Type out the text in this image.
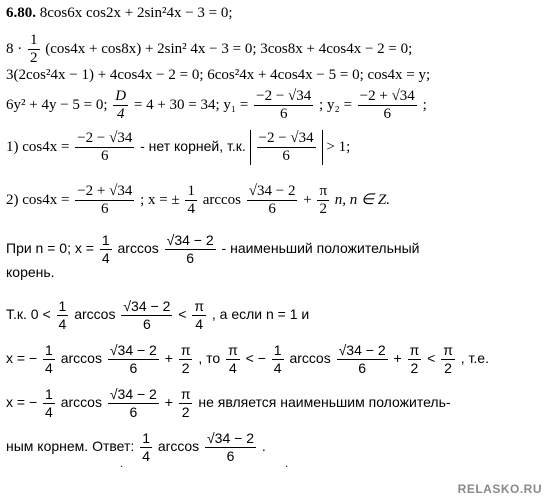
6.80. 8cos6x cos2x + 2sin²4x − 3 = 0;
$8 \cdot \frac{1}{2} (\cos 4x + \cos 8x) + 2\sin^2$ 4x − 3 = 0; 3cos8x + 4cos4x − 2 = 0;
3(2cos²4x − 1) + 4cos4x − 2 = 0; 6cos²4x + 4cos4x − 5 = 0; cos4x = y;
6y² + 4y − 5 = 0; $\frac{D}{4} = 4 + 30 = 34$; $y_1 = \frac{-2 - √34}{6}$ ; $y_2 = \frac{-2 + √34}{6}$ ;
1) $\cos 4x = \frac{-2 - √34}{6}$ - нет корней, т.к. $\frac{-2 - √34}{6} > 1$;
2) $\cos 4x = \frac{-2 + √34}{6}$ ; x = ± $\frac{1}{4}$ $\arccos \frac{√34 - 2}{6} + \frac{\pi}{2} n$, n ∈ Z.
При n = 0; $x = \frac{1}{4}$ $\arccos \frac{√34 - 2}{6}$ - наименьший положительный
корень.
Т.к. $0 < \frac{1}{4}$ $\arccos \frac{√34 - 2}{6} < \frac{\pi}{4}$ , а если n = 1 и
x = − $\frac{1}{4}$ $\arccos \frac{√34 - 2}{6} + \frac{\pi}{2}$ , то $\frac{\pi}{4}$ < − $\frac{1}{4}$ $\arccos \frac{√34 - 2}{6} + \frac{\pi}{2} < \frac{\pi}{2}$ , т.е.
x = − $\frac{1}{4}$ $\arccos \frac{√34 - 2}{6} + \frac{\pi}{2}$ не является наименьшим положитель-
ным корнем. Ответ: $\frac{1}{4}$ $\arccos \frac{√34 - 2}{6}$ .
·	·
RELASKO.RU
